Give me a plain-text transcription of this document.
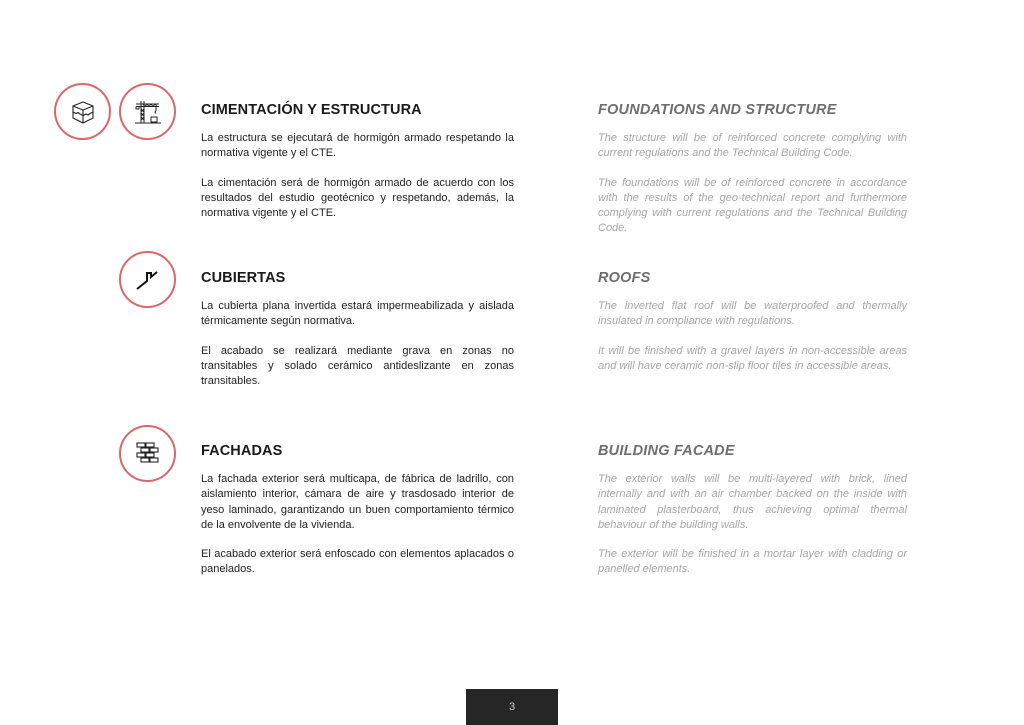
CIMENTACIÓN Y ESTRUCTURA

La estructura se ejecutará de hormigón armado respetando la normativa vigente y el CTE.

La cimentación será de hormigón armado de acuerdo con los resultados del estudio geotécnico y respetando, además, la normativa vigente y el CTE.

FOUNDATIONS AND STRUCTURE

The structure will be of reinforced concrete complying with current regulations and the Technical Building Code.

The foundations will be of reinforced concrete in accordance with the results of the geo-technical report and furthermore complying with current regulations and the Technical Building Code.

CUBIERTAS

La cubierta plana invertida estará impermeabilizada y aislada térmicamente según normativa.

El acabado se realizará mediante grava en zonas no transitables y solado cerámico antideslizante en zonas transitables.

ROOFS

The inverted flat roof will be waterproofed and thermally insulated in compliance with regulations.

It will be finished with a gravel layers in non-accessible areas and will have ceramic non-slip floor tiles in accessible areas.

FACHADAS

La fachada exterior será multicapa, de fábrica de ladrillo, con aislamiento interior, cámara de aire y trasdosado interior de yeso laminado, garantizando un buen comportamiento térmico de la envolvente de la vivienda.

El acabado exterior será enfoscado con elementos aplacados o panelados.

BUILDING FACADE

The exterior walls will be multi-layered with brick, lined internally and with an air chamber backed on the inside with laminated plasterboard, thus achieving optimal thermal behaviour of the building walls.

The exterior will be finished in a mortar layer with cladding or panelled elements.

3
